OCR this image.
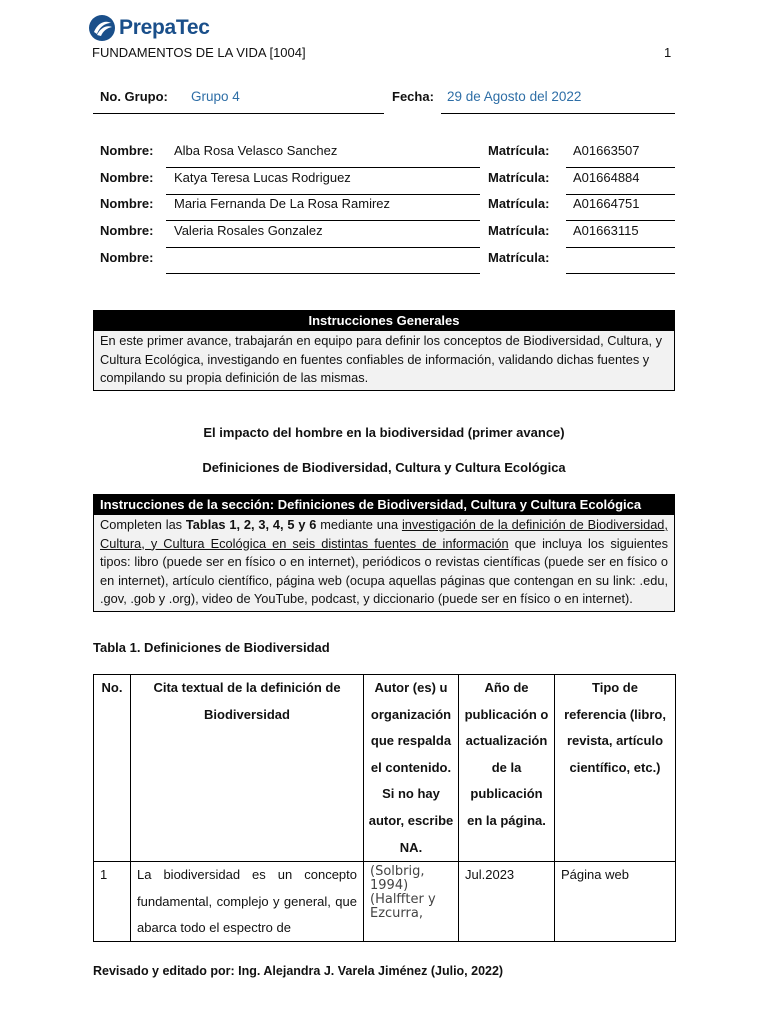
PrepaTec
FUNDAMENTOS DE LA VIDA [1004]	1
No. Grupo: Grupo 4	Fecha: 29 de Agosto del 2022
Nombre: Alba Rosa Velasco Sanchez	Matrícula: A01663507
Nombre: Katya Teresa Lucas Rodriguez	Matrícula: A01664884
Nombre: Maria Fernanda De La Rosa Ramirez	Matrícula: A01664751
Nombre: Valeria Rosales Gonzalez	Matrícula: A01663115
Nombre:	Matrícula:
Instrucciones Generales
En este primer avance, trabajarán en equipo para definir los conceptos de Biodiversidad, Cultura, y Cultura Ecológica, investigando en fuentes confiables de información, validando dichas fuentes y compilando su propia definición de las mismas.
El impacto del hombre en la biodiversidad (primer avance)
Definiciones de Biodiversidad, Cultura y Cultura Ecológica
Instrucciones de la sección: Definiciones de Biodiversidad, Cultura y Cultura Ecológica
Completen las Tablas 1, 2, 3, 4, 5 y 6 mediante una investigación de la definición de Biodiversidad, Cultura, y Cultura Ecológica en seis distintas fuentes de información que incluya los siguientes tipos: libro (puede ser en físico o en internet), periódicos o revistas científicas (puede ser en físico o en internet), artículo científico, página web (ocupa aquellas páginas que contengan en su link: .edu, .gov, .gob y .org), video de YouTube, podcast, y diccionario (puede ser en físico o en internet).
Tabla 1. Definiciones de Biodiversidad
No.	Cita textual de la definición de Biodiversidad	Autor (es) u organización que respalda el contenido. Si no hay autor, escribe NA.	Año de publicación o actualización de la publicación en la página.	Tipo de referencia (libro, revista, artículo científico, etc.)
1	La biodiversidad es un concepto fundamental, complejo y general, que abarca todo el espectro de	(Solbrig, 1994) (Halffter y Ezcurra,	Jul.2023	Página web
Revisado y editado por: Ing. Alejandra J. Varela Jiménez (Julio, 2022)
